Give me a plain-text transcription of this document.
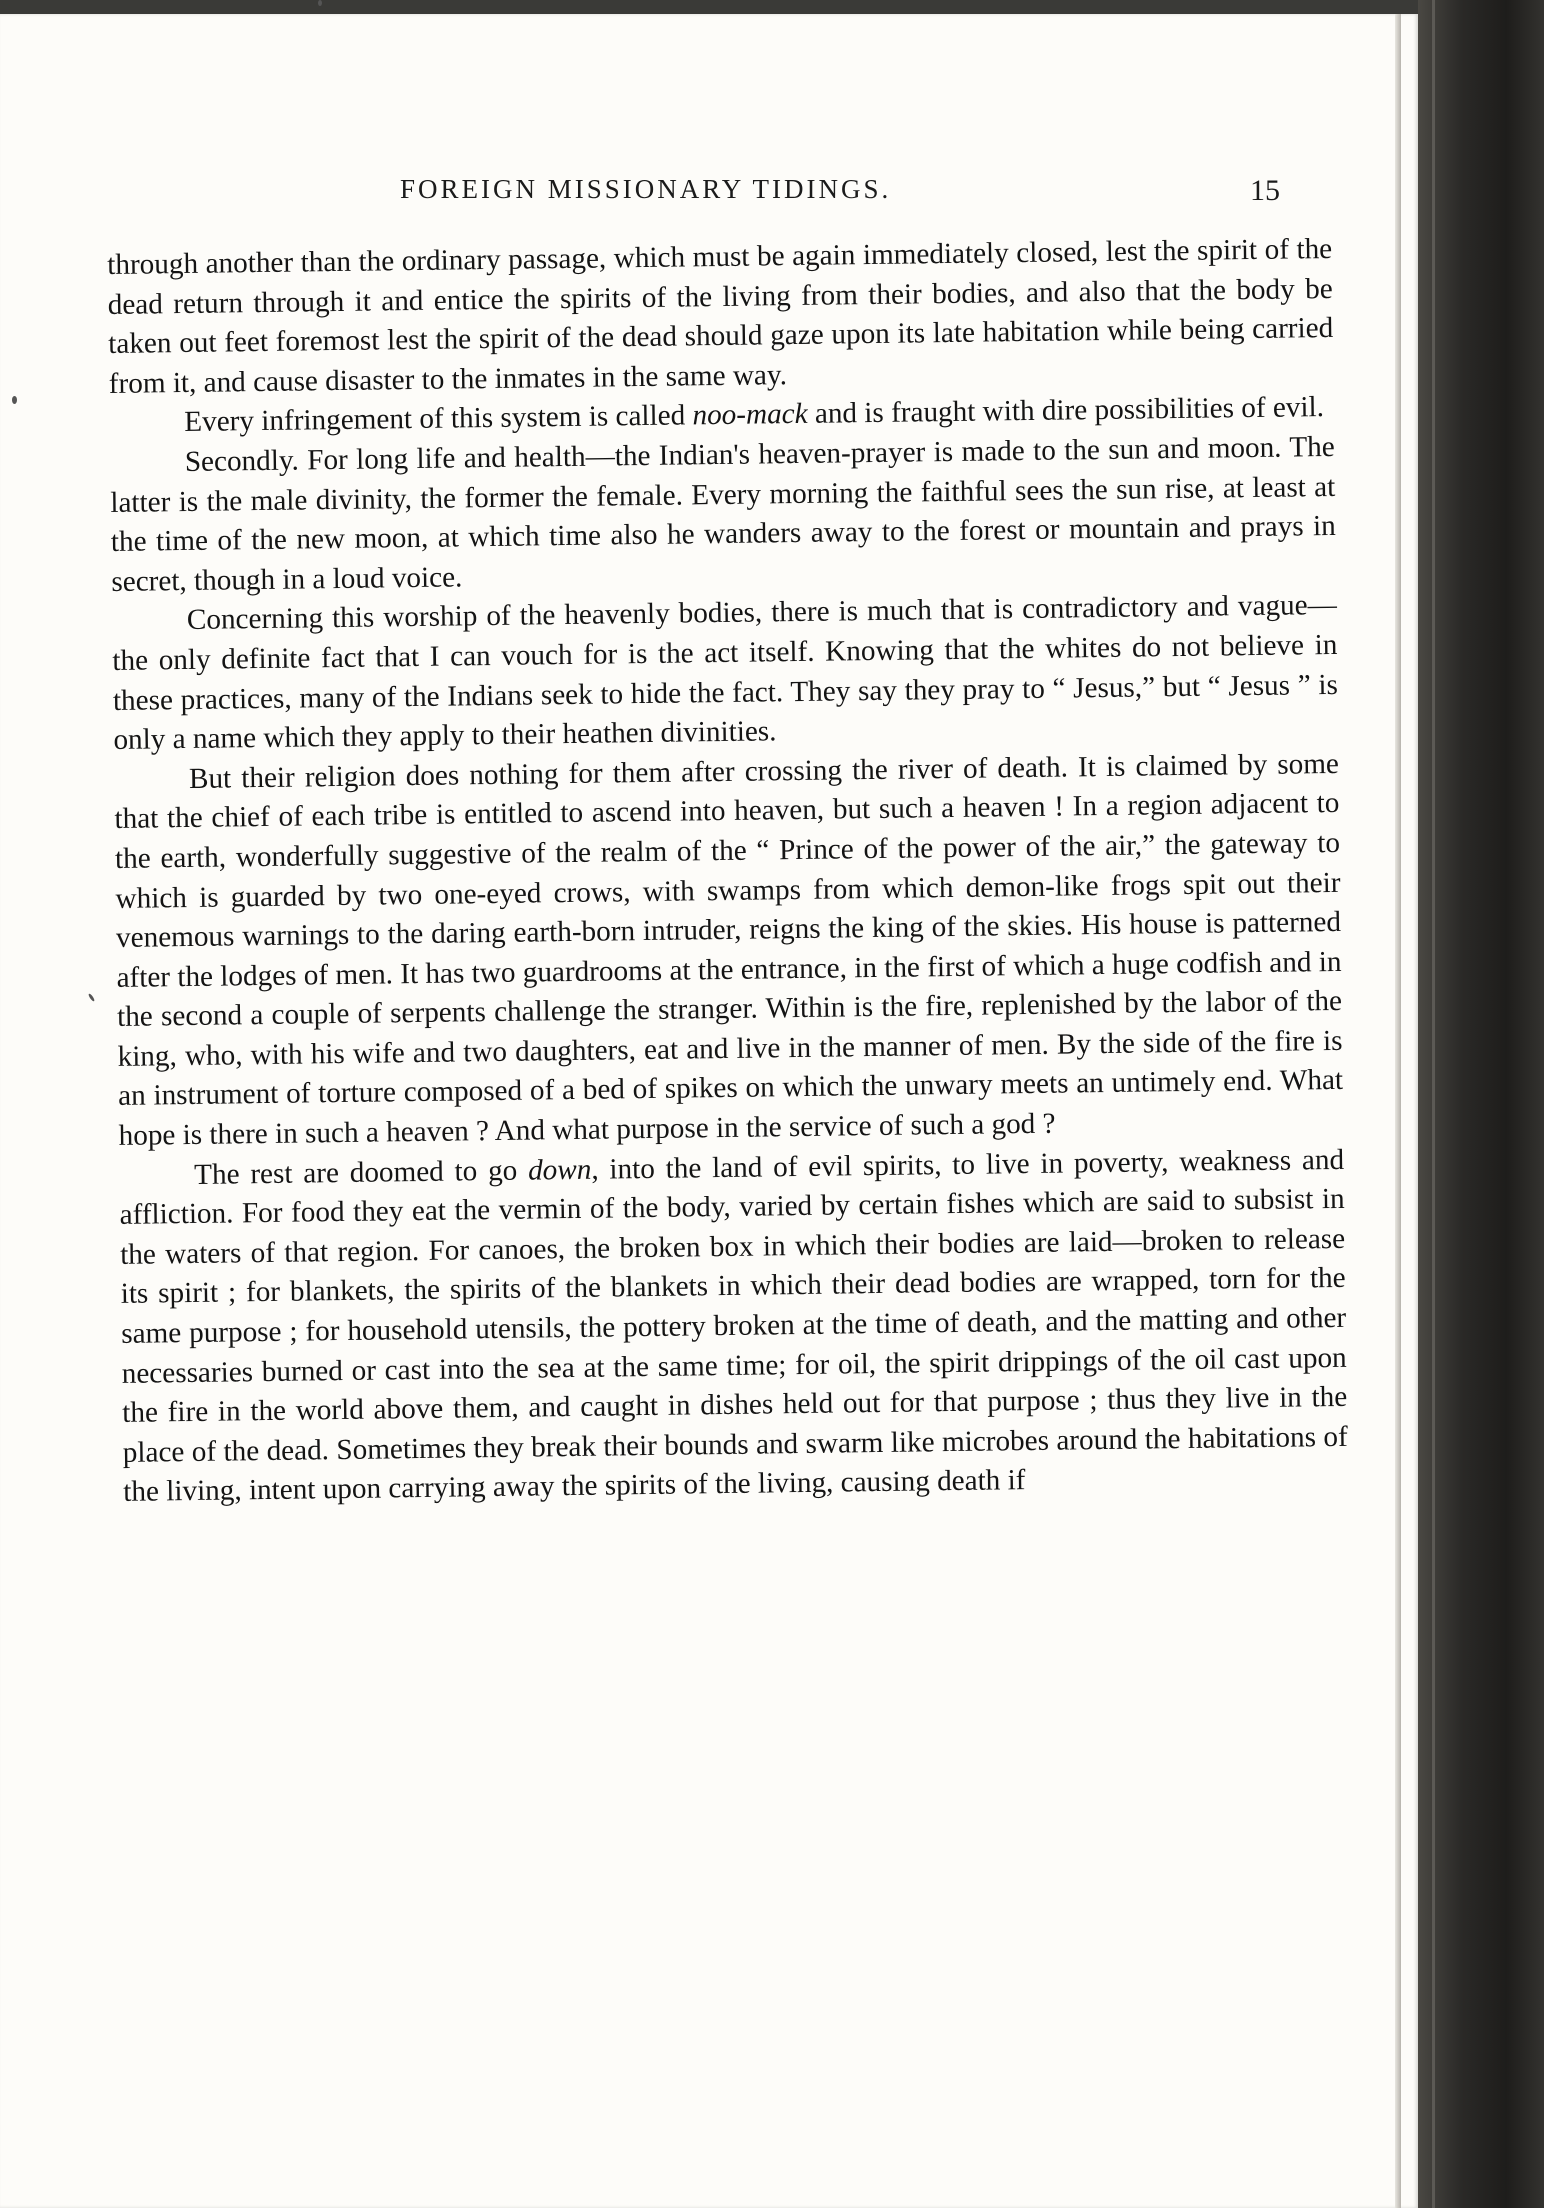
FOREIGN MISSIONARY TIDINGS.	15

through another than the ordinary passage, which must be again immediately closed, lest the spirit of the dead return through it and entice the spirits of the living from their bodies, and also that the body be taken out feet foremost lest the spirit of the dead should gaze upon its late habitation while being carried from it, and cause disaster to the inmates in the same way.

Every infringement of this system is called noo-mack and is fraught with dire possibilities of evil.

Secondly. For long life and health—the Indian's heaven-prayer is made to the sun and moon. The latter is the male divinity, the former the female. Every morning the faithful sees the sun rise, at least at the time of the new moon, at which time also he wanders away to the forest or mountain and prays in secret, though in a loud voice.

Concerning this worship of the heavenly bodies, there is much that is contradictory and vague—the only definite fact that I can vouch for is the act itself. Knowing that the whites do not believe in these practices, many of the Indians seek to hide the fact. They say they pray to “ Jesus,” but “ Jesus ” is only a name which they apply to their heathen divinities.

But their religion does nothing for them after crossing the river of death. It is claimed by some that the chief of each tribe is entitled to ascend into heaven, but such a heaven ! In a region adjacent to the earth, wonderfully suggestive of the realm of the “ Prince of the power of the air,” the gateway to which is guarded by two one-eyed crows, with swamps from which demon-like frogs spit out their venemous warnings to the daring earth-born intruder, reigns the king of the skies. His house is patterned after the lodges of men. It has two guardrooms at the entrance, in the first of which a huge codfish and in the second a couple of serpents challenge the stranger. Within is the fire, replenished by the labor of the king, who, with his wife and two daughters, eat and live in the manner of men. By the side of the fire is an instrument of torture composed of a bed of spikes on which the unwary meets an untimely end. What hope is there in such a heaven ? And what purpose in the service of such a god ?

The rest are doomed to go down, into the land of evil spirits, to live in poverty, weakness and affliction. For food they eat the vermin of the body, varied by certain fishes which are said to subsist in the waters of that region. For canoes, the broken box in which their bodies are laid—broken to release its spirit ; for blankets, the spirits of the blankets in which their dead bodies are wrapped, torn for the same purpose ; for household utensils, the pottery broken at the time of death, and the matting and other necessaries burned or cast into the sea at the same time; for oil, the spirit drippings of the oil cast upon the fire in the world above them, and caught in dishes held out for that purpose ; thus they live in the place of the dead. Sometimes they break their bounds and swarm like microbes around the habitations of the living, intent upon carrying away the spirits of the living, causing death if
